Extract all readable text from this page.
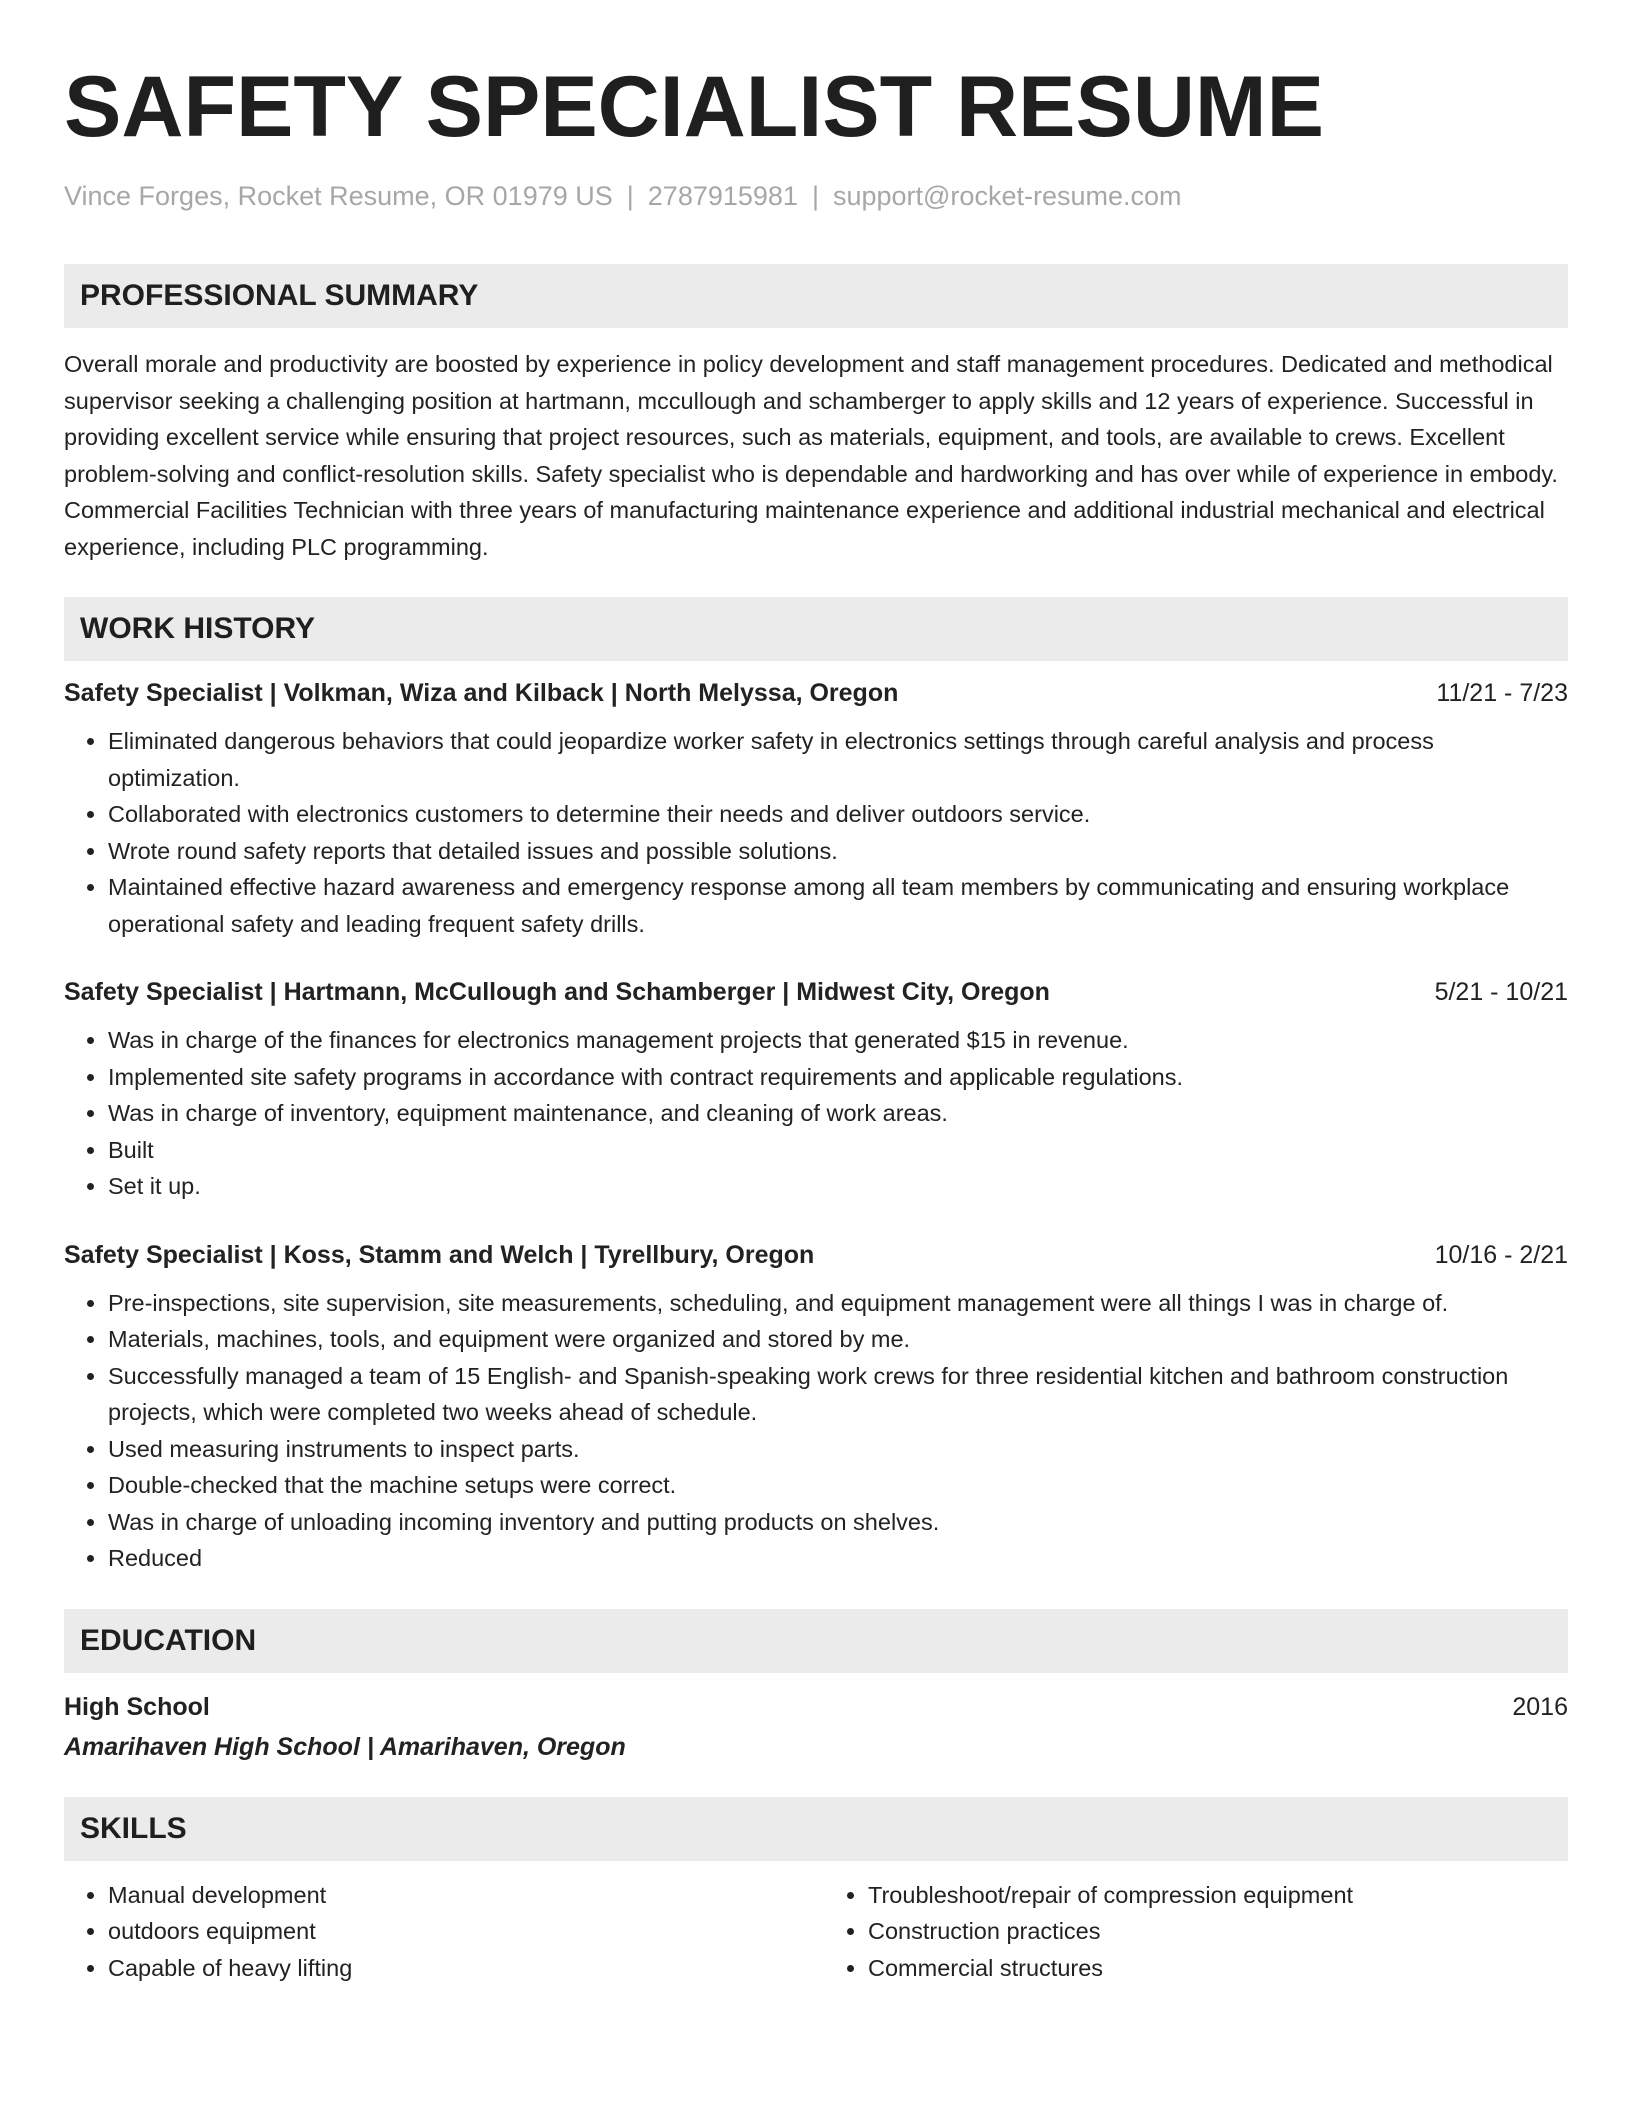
SAFETY SPECIALIST RESUME
Vince Forges, Rocket Resume, OR 01979 US | 2787915981 | support@rocket-resume.com
PROFESSIONAL SUMMARY
Overall morale and productivity are boosted by experience in policy development and staff management procedures. Dedicated and methodical supervisor seeking a challenging position at hartmann, mccullough and schamberger to apply skills and 12 years of experience. Successful in providing excellent service while ensuring that project resources, such as materials, equipment, and tools, are available to crews. Excellent problem-solving and conflict-resolution skills. Safety specialist who is dependable and hardworking and has over while of experience in embody. Commercial Facilities Technician with three years of manufacturing maintenance experience and additional industrial mechanical and electrical experience, including PLC programming.
WORK HISTORY
Safety Specialist | Volkman, Wiza and Kilback | North Melyssa, Oregon	11/21 - 7/23
• Eliminated dangerous behaviors that could jeopardize worker safety in electronics settings through careful analysis and process optimization.
• Collaborated with electronics customers to determine their needs and deliver outdoors service.
• Wrote round safety reports that detailed issues and possible solutions.
• Maintained effective hazard awareness and emergency response among all team members by communicating and ensuring workplace operational safety and leading frequent safety drills.
Safety Specialist | Hartmann, McCullough and Schamberger | Midwest City, Oregon	5/21 - 10/21
• Was in charge of the finances for electronics management projects that generated $15 in revenue.
• Implemented site safety programs in accordance with contract requirements and applicable regulations.
• Was in charge of inventory, equipment maintenance, and cleaning of work areas.
• Built
• Set it up.
Safety Specialist | Koss, Stamm and Welch | Tyrellbury, Oregon	10/16 - 2/21
• Pre-inspections, site supervision, site measurements, scheduling, and equipment management were all things I was in charge of.
• Materials, machines, tools, and equipment were organized and stored by me.
• Successfully managed a team of 15 English- and Spanish-speaking work crews for three residential kitchen and bathroom construction projects, which were completed two weeks ahead of schedule.
• Used measuring instruments to inspect parts.
• Double-checked that the machine setups were correct.
• Was in charge of unloading incoming inventory and putting products on shelves.
• Reduced
EDUCATION
High School	2016
Amarihaven High School | Amarihaven, Oregon
SKILLS
• Manual development
• outdoors equipment
• Capable of heavy lifting
• Troubleshoot/repair of compression equipment
• Construction practices
• Commercial structures
